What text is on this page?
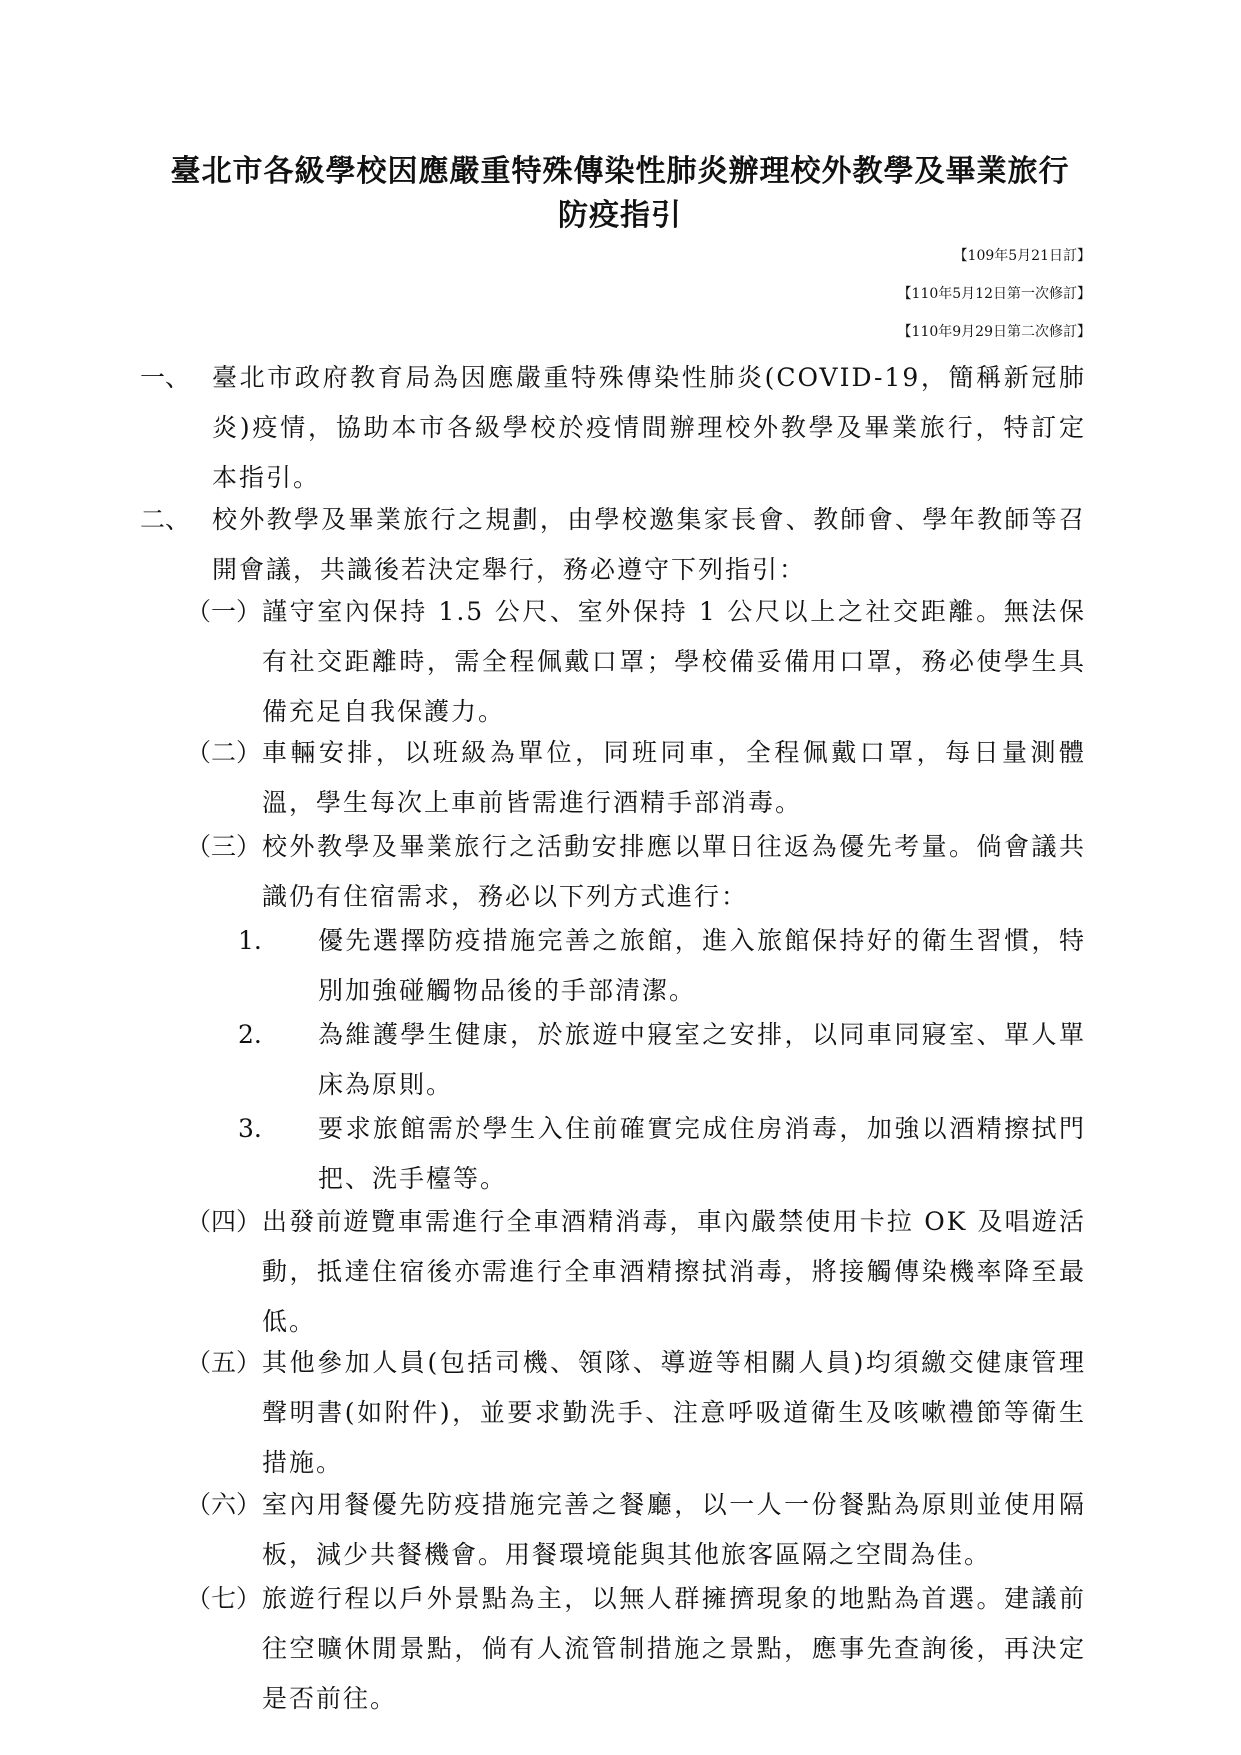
臺北市各級學校因應嚴重特殊傳染性肺炎辦理校外教學及畢業旅行
防疫指引
【109年5月21日訂】
【110年5月12日第一次修訂】
【110年9月29日第二次修訂】
一、 臺北市政府教育局為因應嚴重特殊傳染性肺炎(COVID-19，簡稱新冠肺炎)疫情，協助本市各級學校於疫情間辦理校外教學及畢業旅行，特訂定本指引。
二、 校外教學及畢業旅行之規劃，由學校邀集家長會、教師會、學年教師等召開會議，共識後若決定舉行，務必遵守下列指引：
（一） 謹守室內保持 1.5 公尺、室外保持 1 公尺以上之社交距離。無法保有社交距離時，需全程佩戴口罩；學校備妥備用口罩，務必使學生具備充足自我保護力。
（二） 車輛安排，以班級為單位，同班同車，全程佩戴口罩，每日量測體溫，學生每次上車前皆需進行酒精手部消毒。
（三） 校外教學及畢業旅行之活動安排應以單日往返為優先考量。倘會議共識仍有住宿需求，務必以下列方式進行：
1. 優先選擇防疫措施完善之旅館，進入旅館保持好的衛生習慣，特別加強碰觸物品後的手部清潔。
2. 為維護學生健康，於旅遊中寢室之安排，以同車同寢室、單人單床為原則。
3. 要求旅館需於學生入住前確實完成住房消毒，加強以酒精擦拭門把、洗手檯等。
（四） 出發前遊覽車需進行全車酒精消毒，車內嚴禁使用卡拉 OK 及唱遊活動，抵達住宿後亦需進行全車酒精擦拭消毒，將接觸傳染機率降至最低。
（五） 其他參加人員(包括司機、領隊、導遊等相關人員)均須繳交健康管理聲明書(如附件)，並要求勤洗手、注意呼吸道衛生及咳嗽禮節等衛生措施。
（六） 室內用餐優先防疫措施完善之餐廳，以一人一份餐點為原則並使用隔板，減少共餐機會。用餐環境能與其他旅客區隔之空間為佳。
（七） 旅遊行程以戶外景點為主，以無人群擁擠現象的地點為首選。建議前往空曠休閒景點，倘有人流管制措施之景點，應事先查詢後，再決定是否前往。
